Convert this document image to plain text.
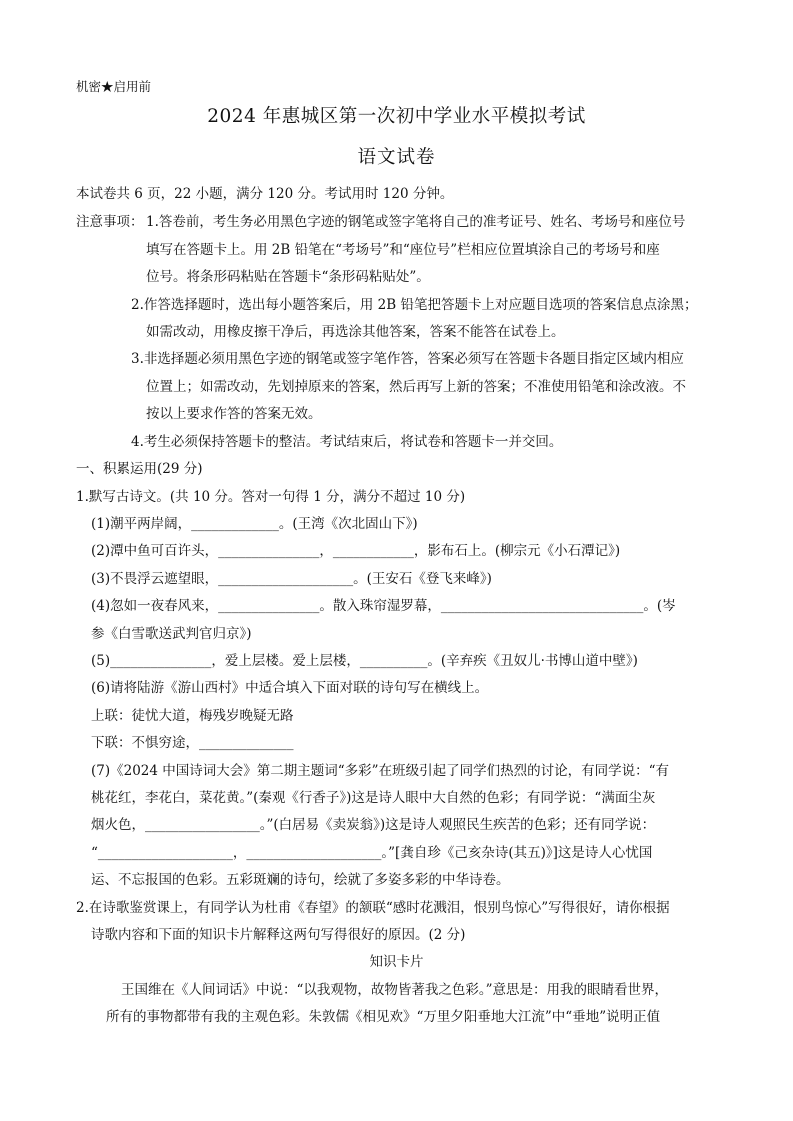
机密★启用前
2024 年惠城区第一次初中学业水平模拟考试
语文试卷
本试卷共 6 页，22 小题，满分 120 分。考试用时 120 分钟。
注意事项： 1.答卷前，考生务必用黑色字迹的钢笔或签字笔将自己的准考证号、姓名、考场号和座位号
填写在答题卡上。用 2B 铅笔在“考场号”和“座位号”栏相应位置填涂自己的考场号和座
位号。将条形码粘贴在答题卡“条形码粘贴处”。
2.作答选择题时，选出每小题答案后，用 2B 铅笔把答题卡上对应题目选项的答案信息点涂黑；
如需改动，用橡皮擦干净后，再选涂其他答案，答案不能答在试卷上。
3.非选择题必须用黑色字迹的钢笔或签字笔作答，答案必须写在答题卡各题目指定区域内相应
位置上；如需改动，先划掉原来的答案，然后再写上新的答案；不准使用铅笔和涂改液。不
按以上要求作答的答案无效。
4.考生必须保持答题卡的整洁。考试结束后，将试卷和答题卡一并交回。
一、积累运用(29 分)
1.默写古诗文。(共 10 分。答对一句得 1 分，满分不超过 10 分)
(1)潮平两岸阔，_____________。(王湾《次北固山下》)
(2)潭中鱼可百许头，_______________，____________，影布石上。(柳宗元《小石潭记》)
(3)不畏浮云遮望眼，____________________。(王安石《登飞来峰》)
(4)忽如一夜春风来，_______________。散入珠帘湿罗幕，______________________________。(岑
参《白雪歌送武判官归京》)
(5)_______________，爱上层楼。爱上层楼，__________。(辛弃疾《丑奴儿·书博山道中壁》)
(6)请将陆游《游山西村》中适合填入下面对联的诗句写在横线上。
上联：徒忧大道，梅残岁晚疑无路
下联：不惧穷途，______________
(7)《2024 中国诗词大会》第二期主题词“多彩”在班级引起了同学们热烈的讨论，有同学说：“有
桃花红，李花白，菜花黄。”(秦观《行香子》)这是诗人眼中大自然的色彩；有同学说：“满面尘灰
烟火色，_________________。”(白居易《卖炭翁》)这是诗人观照民生疾苦的色彩；还有同学说：
“____________________，____________________。”[龚自珍《己亥杂诗(其五)》]这是诗人心忧国
运、不忘报国的色彩。五彩斑斓的诗句，绘就了多姿多彩的中华诗卷。
2.在诗歌鉴赏课上，有同学认为杜甫《春望》的颔联“感时花溅泪，恨别鸟惊心”写得很好，请你根据
诗歌内容和下面的知识卡片解释这两句写得很好的原因。(2 分)
知识卡片
王国维在《人间词话》中说：“以我观物，故物皆著我之色彩。”意思是：用我的眼睛看世界，
所有的事物都带有我的主观色彩。朱敦儒《相见欢》“万里夕阳垂地大江流”中“垂地”说明正值
